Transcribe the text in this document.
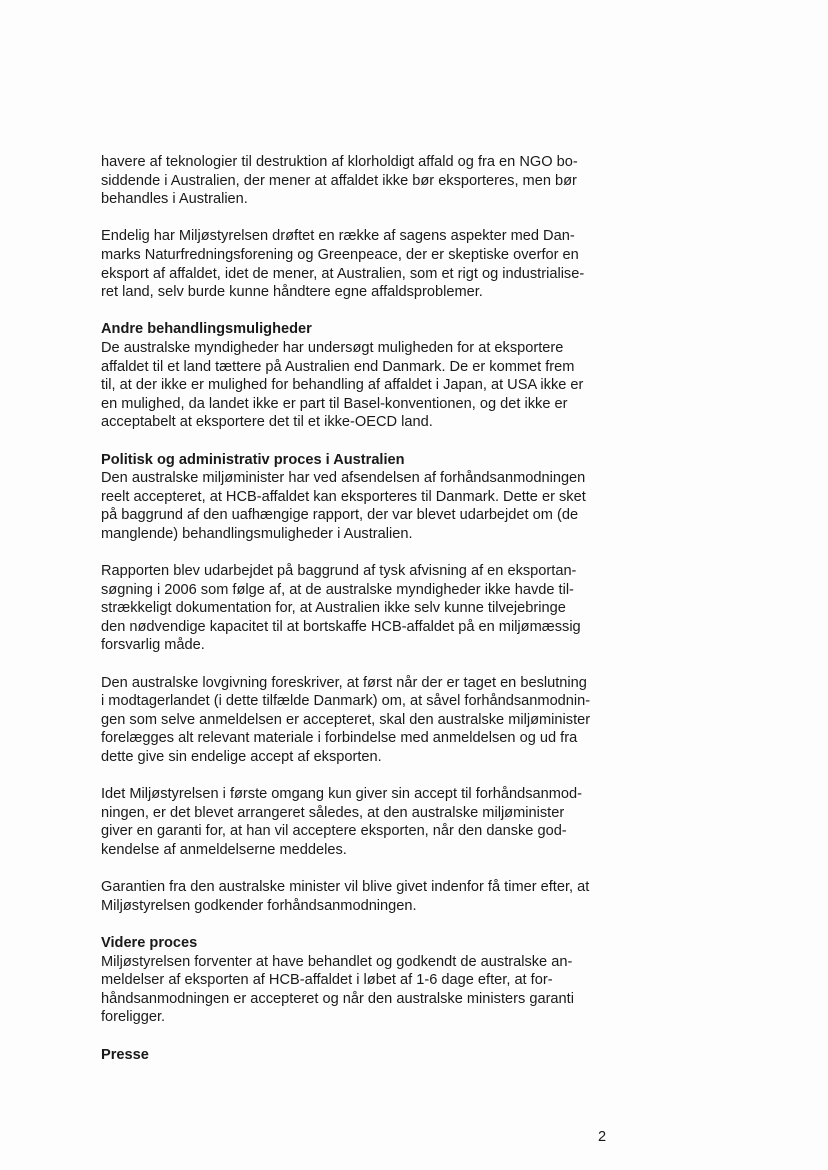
havere af teknologier til destruktion af klorholdigt affald og fra en NGO bo-
siddende i Australien, der mener at affaldet ikke bør eksporteres, men bør
behandles i Australien.
Endelig har Miljøstyrelsen drøftet en række af sagens aspekter med Dan-
marks Naturfredningsforening og Greenpeace, der er skeptiske overfor en
eksport af affaldet, idet de mener, at Australien, som et rigt og industrialise-
ret land, selv burde kunne håndtere egne affaldsproblemer.
Andre behandlingsmuligheder
De australske myndigheder har undersøgt muligheden for at eksportere
affaldet til et land tættere på Australien end Danmark. De er kommet frem
til, at der ikke er mulighed for behandling af affaldet i Japan, at USA ikke er
en mulighed, da landet ikke er part til Basel-konventionen, og det ikke er
acceptabelt at eksportere det til et ikke-OECD land.
Politisk og administrativ proces i Australien
Den australske miljøminister har ved afsendelsen af forhåndsanmodningen
reelt accepteret, at HCB-affaldet kan eksporteres til Danmark. Dette er sket
på baggrund af den uafhængige rapport, der var blevet udarbejdet om (de
manglende) behandlingsmuligheder i Australien.
Rapporten blev udarbejdet på baggrund af tysk afvisning af en eksportan-
søgning i 2006 som følge af, at de australske myndigheder ikke havde til-
strækkeligt dokumentation for, at Australien ikke selv kunne tilvejebringe
den nødvendige kapacitet til at bortskaffe HCB-affaldet på en miljømæssig
forsvarlig måde.
Den australske lovgivning foreskriver, at først når der er taget en beslutning
i modtagerlandet (i dette tilfælde Danmark) om, at såvel forhåndsanmodnin-
gen som selve anmeldelsen er accepteret, skal den australske miljøminister
forelægges alt relevant materiale i forbindelse med anmeldelsen og ud fra
dette give sin endelige accept af eksporten.
Idet Miljøstyrelsen i første omgang kun giver sin accept til forhåndsanmod-
ningen, er det blevet arrangeret således, at den australske miljøminister
giver en garanti for, at han vil acceptere eksporten, når den danske god-
kendelse af anmeldelserne meddeles.
Garantien fra den australske minister vil blive givet indenfor få timer efter, at
Miljøstyrelsen godkender forhåndsanmodningen.
Videre proces
Miljøstyrelsen forventer at have behandlet og godkendt de australske an-
meldelser af eksporten af HCB-affaldet i løbet af 1-6 dage efter, at for-
håndsanmodningen er accepteret og når den australske ministers garanti
foreligger.
Presse
2
